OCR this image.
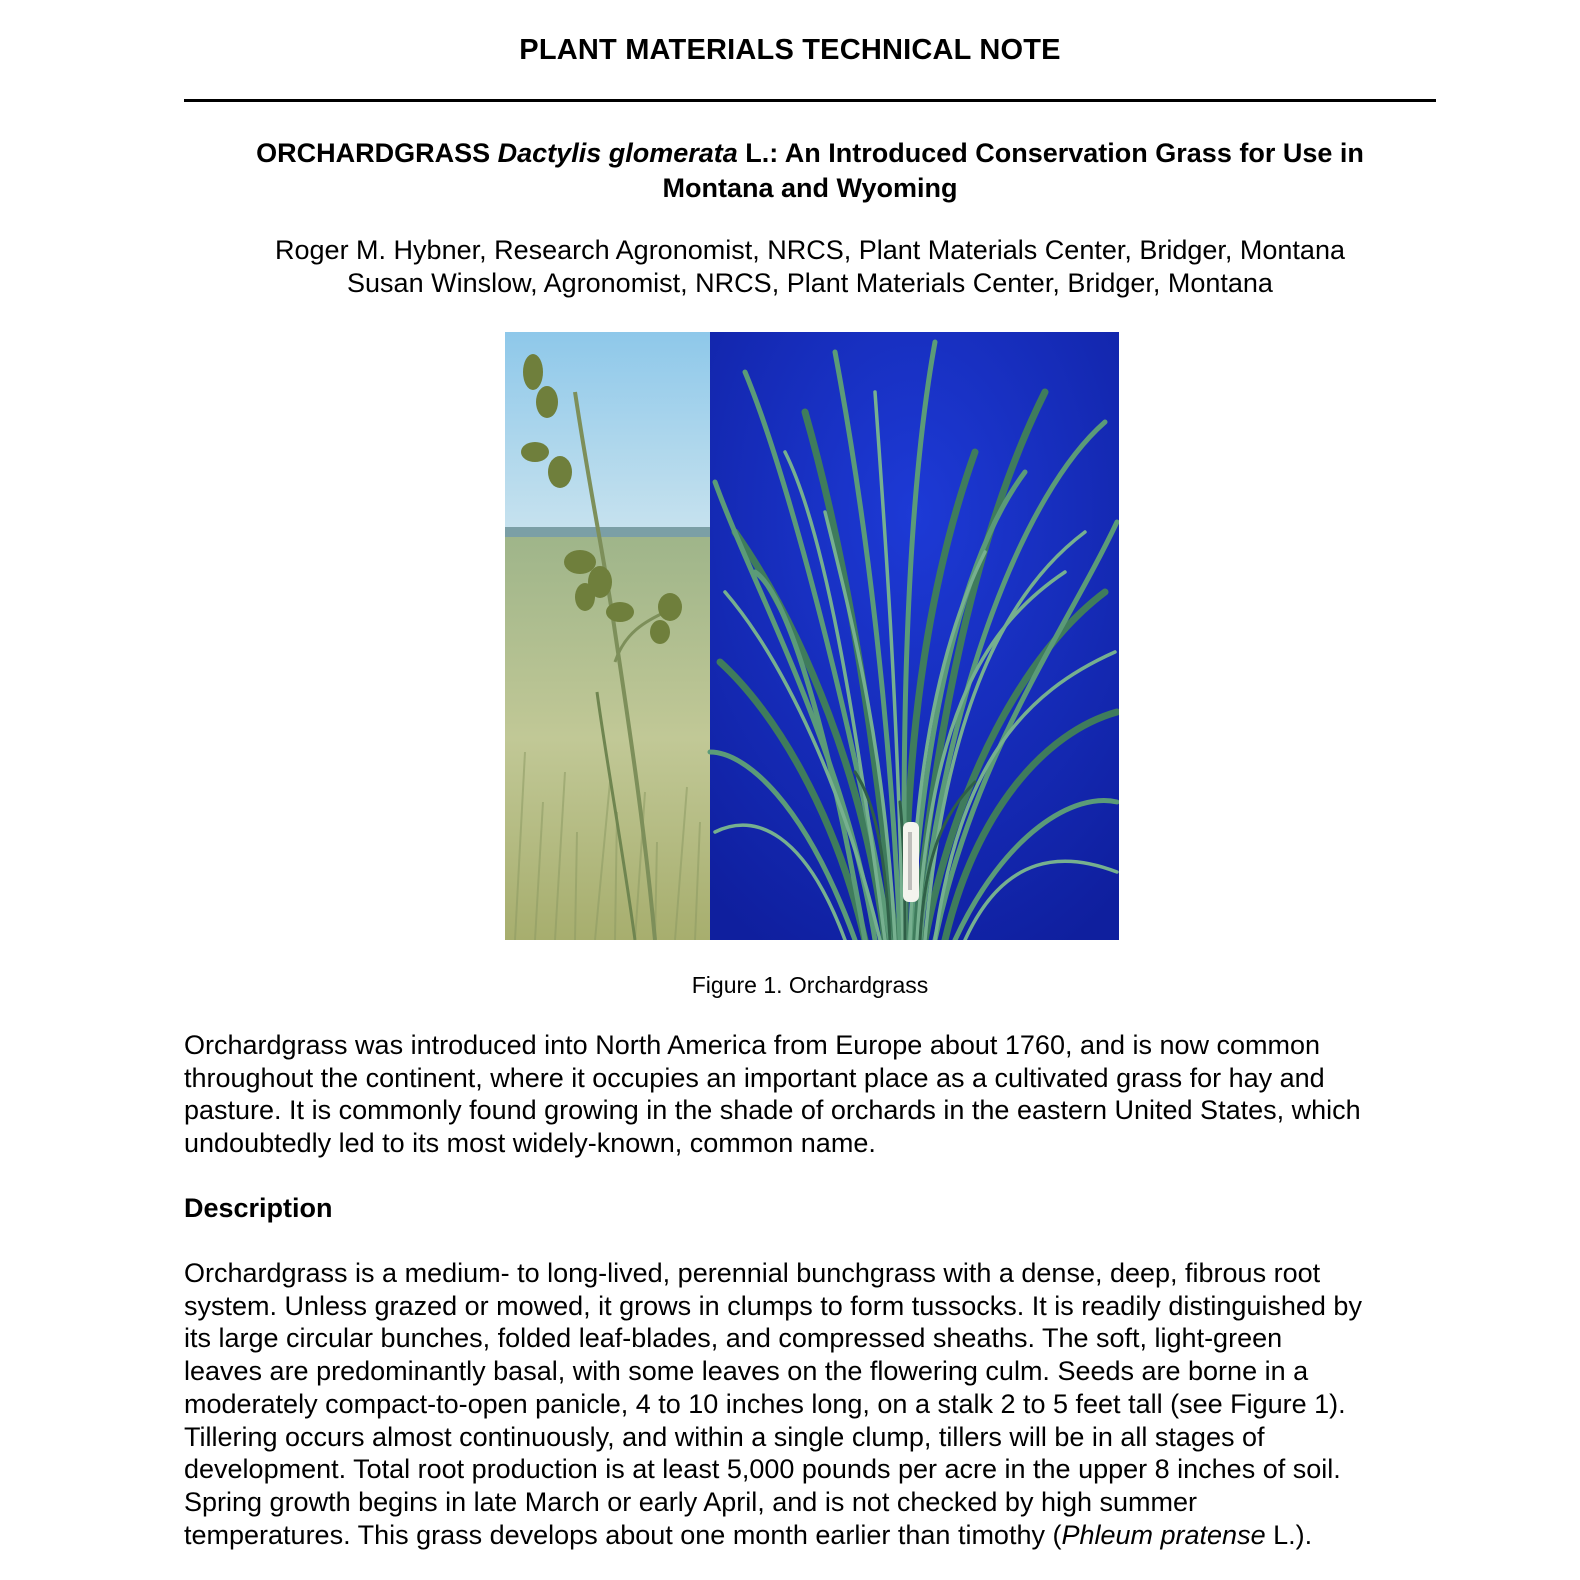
PLANT MATERIALS TECHNICAL NOTE
ORCHARDGRASS Dactylis glomerata L.: An Introduced Conservation Grass for Use in
Montana and Wyoming
Roger M. Hybner, Research Agronomist, NRCS, Plant Materials Center, Bridger, Montana
Susan Winslow, Agronomist, NRCS, Plant Materials Center, Bridger, Montana
Figure 1. Orchardgrass
Orchardgrass was introduced into North America from Europe about 1760, and is now common
throughout the continent, where it occupies an important place as a cultivated grass for hay and
pasture. It is commonly found growing in the shade of orchards in the eastern United States, which
undoubtedly led to its most widely-known, common name.
Description
Orchardgrass is a medium- to long-lived, perennial bunchgrass with a dense, deep, fibrous root
system. Unless grazed or mowed, it grows in clumps to form tussocks. It is readily distinguished by
its large circular bunches, folded leaf-blades, and compressed sheaths. The soft, light-green
leaves are predominantly basal, with some leaves on the flowering culm. Seeds are borne in a
moderately compact-to-open panicle, 4 to 10 inches long, on a stalk 2 to 5 feet tall (see Figure 1).
Tillering occurs almost continuously, and within a single clump, tillers will be in all stages of
development. Total root production is at least 5,000 pounds per acre in the upper 8 inches of soil.
Spring growth begins in late March or early April, and is not checked by high summer
temperatures. This grass develops about one month earlier than timothy (Phleum pratense L.).
